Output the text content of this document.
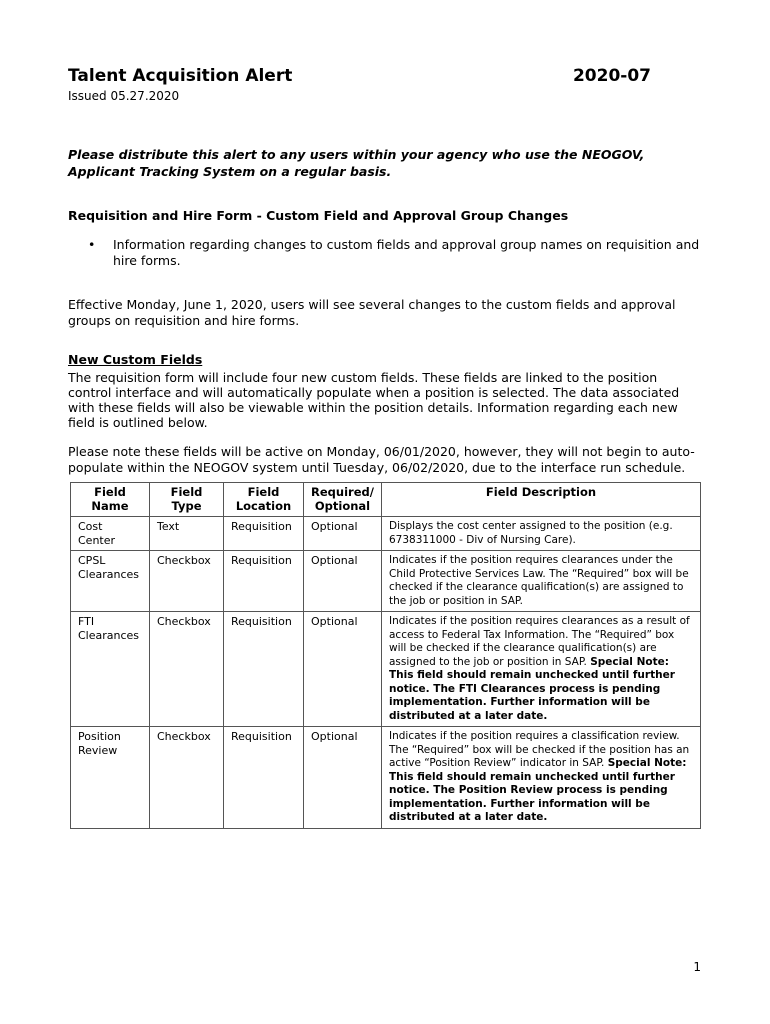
Talent Acquisition Alert	2020-07
Issued 05.27.2020
Please distribute this alert to any users within your agency who use the NEOGOV, Applicant Tracking System on a regular basis.
Requisition and Hire Form - Custom Field and Approval Group Changes
• Information regarding changes to custom fields and approval group names on requisition and hire forms.
Effective Monday, June 1, 2020, users will see several changes to the custom fields and approval groups on requisition and hire forms.
New Custom Fields
The requisition form will include four new custom fields. These fields are linked to the position control interface and will automatically populate when a position is selected. The data associated with these fields will also be viewable within the position details. Information regarding each new field is outlined below.
Please note these fields will be active on Monday, 06/01/2020, however, they will not begin to auto-populate within the NEOGOV system until Tuesday, 06/02/2020, due to the interface run schedule.
Field Name	Field Type	Field Location	Required/ Optional	Field Description
Cost Center	Text	Requisition	Optional	Displays the cost center assigned to the position (e.g. 6738311000 - Div of Nursing Care).
CPSL Clearances	Checkbox	Requisition	Optional	Indicates if the position requires clearances under the Child Protective Services Law. The “Required” box will be checked if the clearance qualification(s) are assigned to the job or position in SAP.
FTI Clearances	Checkbox	Requisition	Optional	Indicates if the position requires clearances as a result of access to Federal Tax Information. The “Required” box will be checked if the clearance qualification(s) are assigned to the job or position in SAP. Special Note: This field should remain unchecked until further notice. The FTI Clearances process is pending implementation. Further information will be distributed at a later date.
Position Review	Checkbox	Requisition	Optional	Indicates if the position requires a classification review. The “Required” box will be checked if the position has an active “Position Review” indicator in SAP. Special Note: This field should remain unchecked until further notice. The Position Review process is pending implementation. Further information will be distributed at a later date.
1
